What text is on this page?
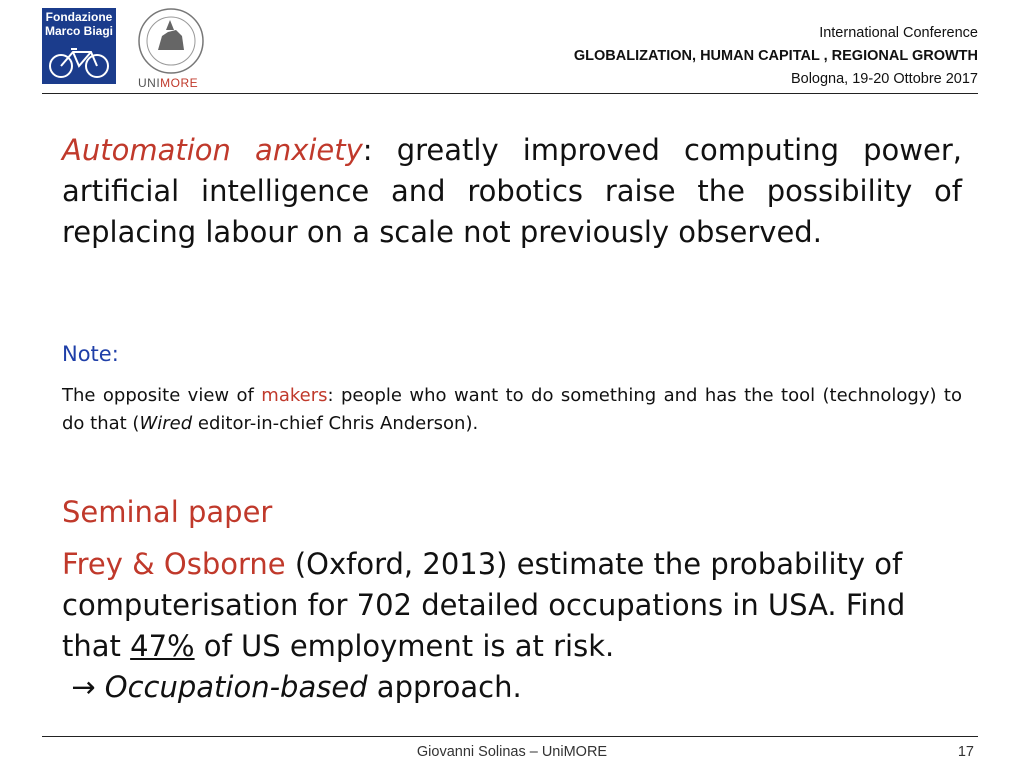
Fondazione
Marco Biagi
UNIMORE
International Conference
GLOBALIZATION, HUMAN CAPITAL , REGIONAL GROWTH
Bologna, 19-20 Ottobre 2017
Automation anxiety: greatly improved computing power, artificial intelligence and robotics raise the possibility of replacing labour on a scale not previously observed.
Note:
The opposite view of makers: people who want to do something and has the tool (technology) to do that (Wired editor-in-chief Chris Anderson).
Seminal paper
Frey & Osborne (Oxford, 2013) estimate the probability of computerisation for 702 detailed occupations in USA. Find that 47% of US employment is at risk.
→ Occupation-based approach.
Giovanni Solinas – UniMORE	17
